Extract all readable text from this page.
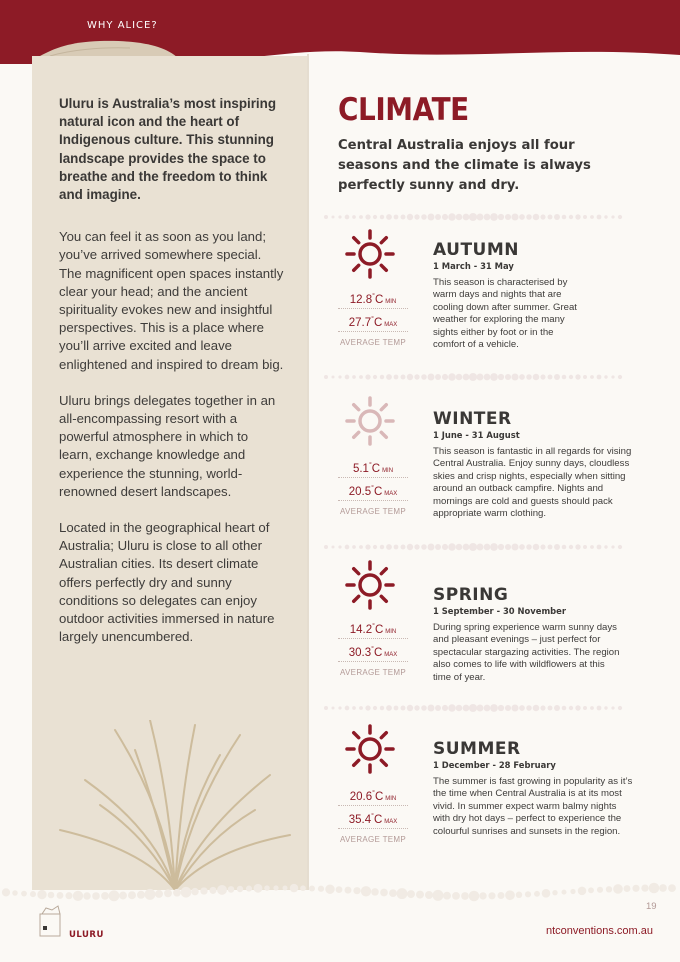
WHY ALICE?

Uluru is Australia’s most inspiring natural icon and the heart of Indigenous culture. This stunning landscape provides the space to breathe and the freedom to think and imagine.

You can feel it as soon as you land; you’ve arrived somewhere special. The magnificent open spaces instantly clear your head; and the ancient spirituality evokes new and insightful perspectives. This is a place where you’ll arrive excited and leave enlightened and inspired to dream big.

Uluru brings delegates together in an all-encompassing resort with a powerful atmosphere in which to learn, exchange knowledge and experience the stunning, world-renowned desert landscapes.

Located in the geographical heart of Australia; Uluru is close to all other Australian cities. Its desert climate offers perfectly dry and sunny conditions so delegates can enjoy outdoor activities immersed in nature largely unencumbered.

CLIMATE

Central Australia enjoys all four seasons and the climate is always perfectly sunny and dry.

12.8°C MIN
27.7°C MAX
AVERAGE TEMP
AUTUMN
1 March - 31 May

This season is characterised by warm days and nights that are cooling down after summer. Great weather for exploring the many sights either by foot or in the comfort of a vehicle.

5.1°C MIN
20.5°C MAX
AVERAGE TEMP
WINTER
1 June - 31 August

This season is fantastic in all regards for vising Central Australia. Enjoy sunny days, cloudless skies and crisp nights, especially when sitting around an outback campfire. Nights and mornings are cold and guests should pack appropriate warm clothing.

14.2°C MIN
30.3°C MAX
AVERAGE TEMP
SPRING
1 September - 30 November

During spring experience warm sunny days and pleasant evenings – just perfect for spectacular stargazing activities. The region also comes to life with wildflowers at this time of year.

20.6°C MIN
35.4°C MAX
AVERAGE TEMP
SUMMER
1 December - 28 February

The summer is fast growing in popularity as it’s the time when Central Australia is at its most vivid. In summer expect warm balmy nights with dry hot days – perfect to experience the colourful sunrises and sunsets in the region.

ULURU
19
ntconventions.com.au
